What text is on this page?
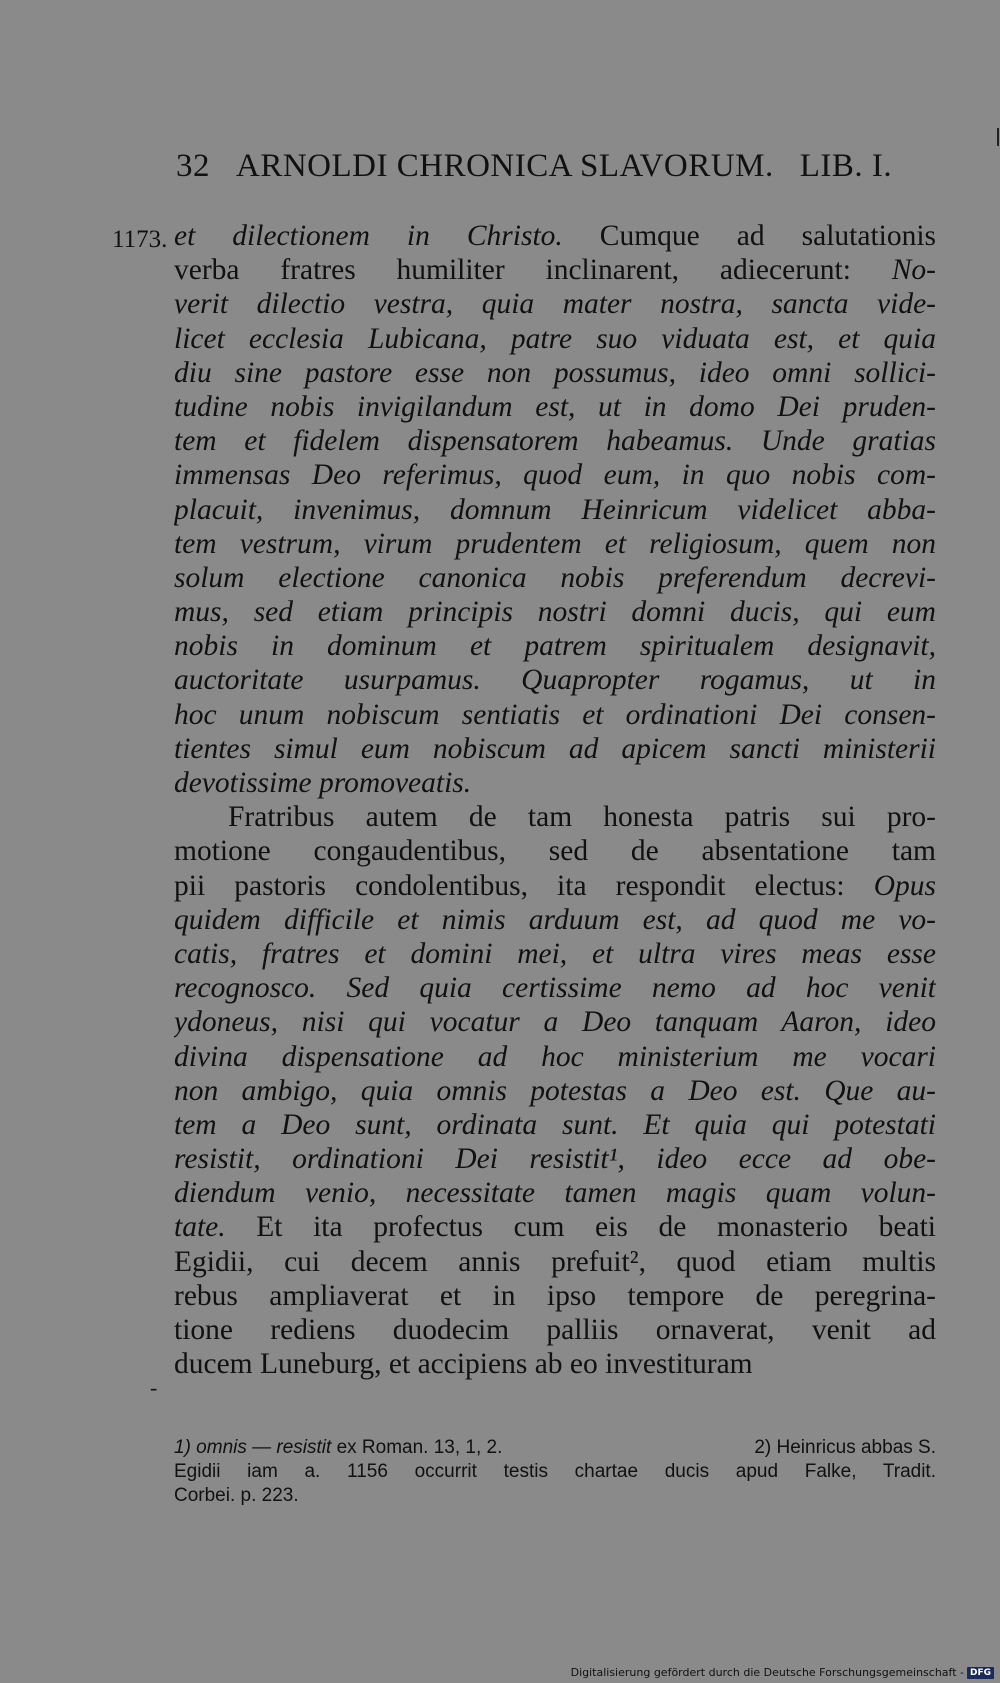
32 ARNOLDI CHRONICA SLAVORUM. LIB. I.
1173.
-
et dilectionem in Christo. Cumque ad salutationis
verba fratres humiliter inclinarent, adiecerunt: No-
verit dilectio vestra, quia mater nostra, sancta vide-
licet ecclesia Lubicana, patre suo viduata est, et quia
diu sine pastore esse non possumus, ideo omni sollici-
tudine nobis invigilandum est, ut in domo Dei pruden-
tem et fidelem dispensatorem habeamus. Unde gratias
immensas Deo referimus, quod eum, in quo nobis com-
placuit, invenimus, domnum Heinricum videlicet abba-
tem vestrum, virum prudentem et religiosum, quem non
solum electione canonica nobis preferendum decrevi-
mus, sed etiam principis nostri domni ducis, qui eum
nobis in dominum et patrem spiritualem designavit,
auctoritate usurpamus. Quapropter rogamus, ut in
hoc unum nobiscum sentiatis et ordinationi Dei consen-
tientes simul eum nobiscum ad apicem sancti ministerii
devotissime promoveatis.
Fratribus autem de tam honesta patris sui pro-
motione congaudentibus, sed de absentatione tam
pii pastoris condolentibus, ita respondit electus: Opus
quidem difficile et nimis arduum est, ad quod me vo-
catis, fratres et domini mei, et ultra vires meas esse
recognosco. Sed quia certissime nemo ad hoc venit
ydoneus, nisi qui vocatur a Deo tanquam Aaron, ideo
divina dispensatione ad hoc ministerium me vocari
non ambigo, quia omnis potestas a Deo est. Que au-
tem a Deo sunt, ordinata sunt. Et quia qui potestati
resistit, ordinationi Dei resistit¹, ideo ecce ad obe-
diendum venio, necessitate tamen magis quam volun-
tate. Et ita profectus cum eis de monasterio beati
Egidii, cui decem annis prefuit², quod etiam multis
rebus ampliaverat et in ipso tempore de peregrina-
tione rediens duodecim palliis ornaverat, venit ad
ducem Luneburg, et accipiens ab eo investituram
1) omnis — resistit ex Roman. 13, 1, 2.	2) Heinricus abbas S.
Egidii iam a. 1156 occurrit testis chartae ducis apud Falke, Tradit.
Corbei. p. 223.
Digitalisierung gefördert durch die Deutsche Forschungsgemeinschaft - DFG
